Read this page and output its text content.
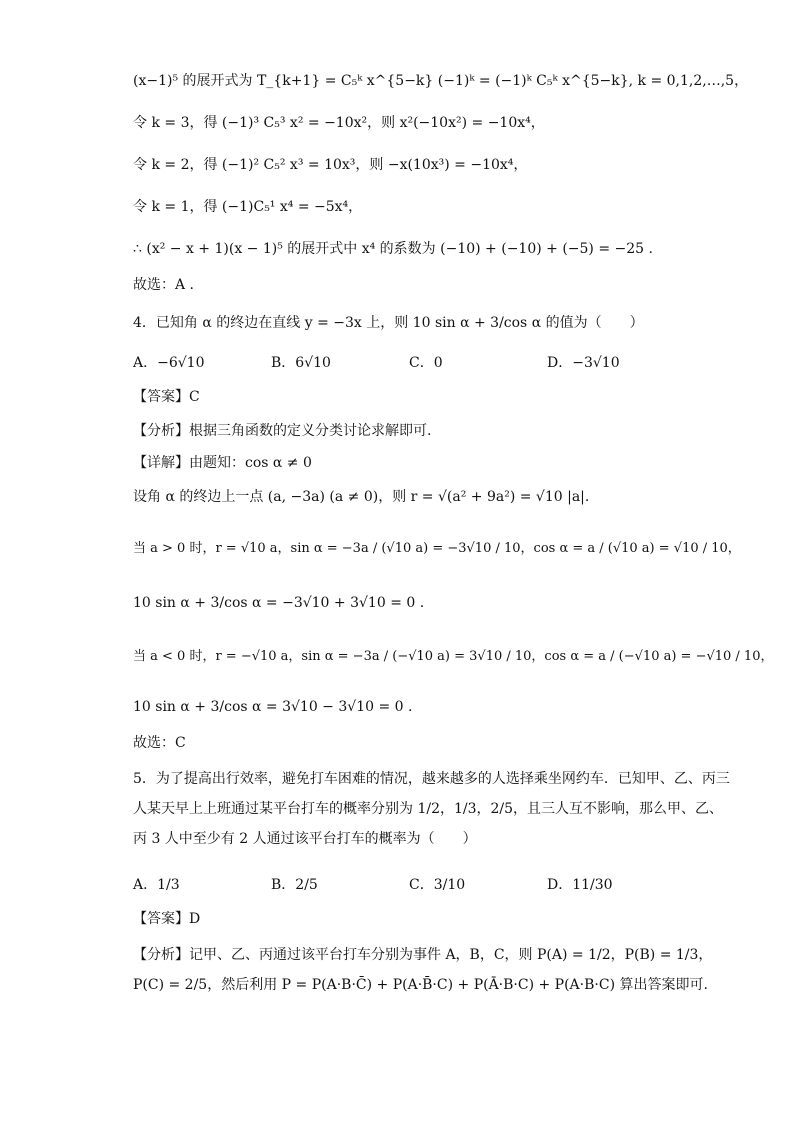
(x−1)⁵ 的展开式为 T_{k+1} = C₅ᵏ x^{5−k} (−1)ᵏ = (−1)ᵏ C₅ᵏ x^{5−k}, k = 0,1,2,…,5，
令 k = 3，得 (−1)³ C₅³ x² = −10x²，则 x²(−10x²) = −10x⁴，
令 k = 2，得 (−1)² C₅² x³ = 10x³，则 −x(10x³) = −10x⁴，
令 k = 1，得 (−1)C₅¹ x⁴ = −5x⁴，
∴ (x² − x + 1)(x − 1)⁵ 的展开式中 x⁴ 的系数为 (−10) + (−10) + (−5) = −25 .
故选：A .
4．已知角 α 的终边在直线 y = −3x 上，则 10 sin α + 3/cos α 的值为（　　）
A．−6√10	B．6√10	C．0	D．−3√10
【答案】C
【分析】根据三角函数的定义分类讨论求解即可.
【详解】由题知：cos α ≠ 0
设角 α 的终边上一点 (a, −3a) (a ≠ 0)，则 r = √(a² + 9a²) = √10 |a|.
当 a > 0 时，r = √10 a，sin α = −3a / (√10 a) = −3√10 / 10，cos α = a / (√10 a) = √10 / 10，
10 sin α + 3/cos α = −3√10 + 3√10 = 0 .
当 a < 0 时，r = −√10 a，sin α = −3a / (−√10 a) = 3√10 / 10，cos α = a / (−√10 a) = −√10 / 10，
10 sin α + 3/cos α = 3√10 − 3√10 = 0 .
故选：C
5．为了提高出行效率，避免打车困难的情况，越来越多的人选择乘坐网约车．已知甲、乙、丙三人某天早上上班通过某平台打车的概率分别为 1/2，1/3，2/5，且三人互不影响，那么甲、乙、丙 3 人中至少有 2 人通过该平台打车的概率为（　　）
A．1/3	B．2/5	C．3/10	D．11/30
【答案】D
【分析】记甲、乙、丙通过该平台打车分别为事件 A，B，C，则 P(A) = 1/2，P(B) = 1/3，P(C) = 2/5，然后利用 P = P(A·B·C̄) + P(A·B̄·C) + P(Ā·B·C) + P(A·B·C) 算出答案即可.
